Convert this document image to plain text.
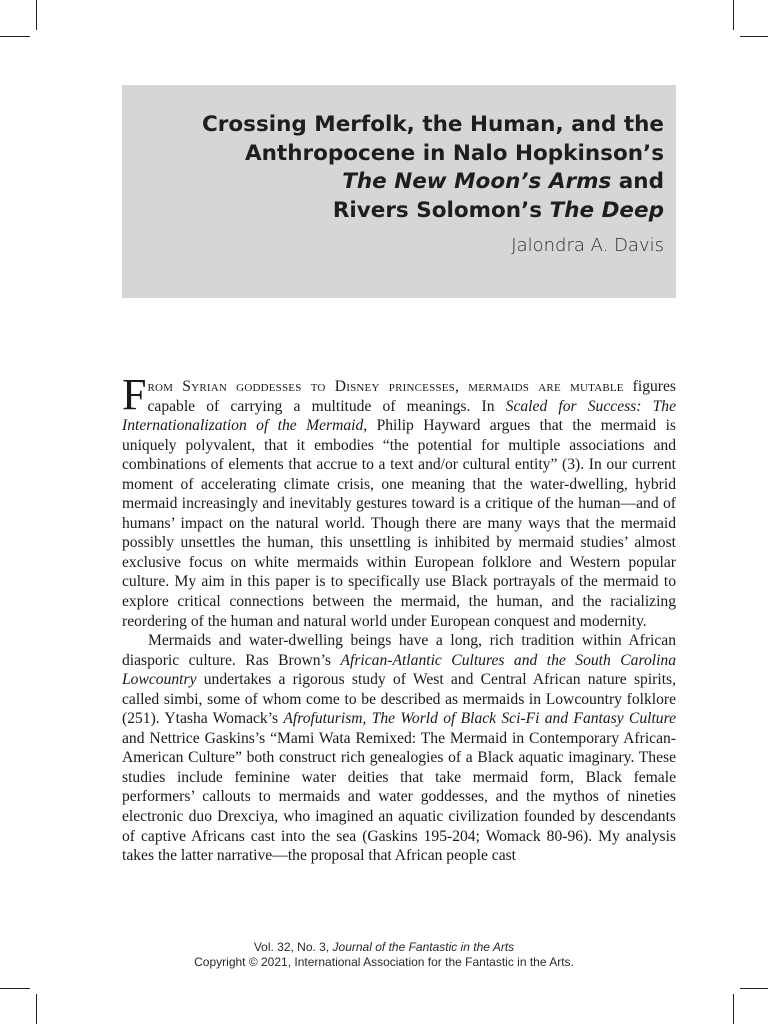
Crossing Merfolk, the Human, and the
Anthropocene in Nalo Hopkinson’s
The New Moon’s Arms and
Rivers Solomon’s The Deep
Jalondra A. Davis

From Syrian goddesses to Disney princesses, mermaids are mutable figures capable of carrying a multitude of meanings. In Scaled for Success: The Internationalization of the Mermaid, Philip Hayward argues that the mermaid is uniquely polyvalent, that it embodies “the potential for multiple associations and combinations of elements that accrue to a text and/or cultural entity” (3). In our current moment of accelerating climate crisis, one meaning that the water-dwelling, hybrid mermaid increasingly and inevitably gestures toward is a critique of the human—and of humans’ impact on the natural world. Though there are many ways that the mermaid possibly unsettles the human, this unsettling is inhibited by mermaid studies’ almost exclusive focus on white mermaids within European folklore and Western popular culture. My aim in this paper is to specifically use Black portrayals of the mermaid to explore critical connections between the mermaid, the human, and the racializing reordering of the human and natural world under European conquest and modernity.

Mermaids and water-dwelling beings have a long, rich tradition within African diasporic culture. Ras Brown’s African-Atlantic Cultures and the South Carolina Lowcountry undertakes a rigorous study of West and Central African nature spirits, called simbi, some of whom come to be described as mermaids in Lowcountry folklore (251). Ytasha Womack’s Afrofuturism, The World of Black Sci-Fi and Fantasy Culture and Nettrice Gaskins’s “Mami Wata Remixed: The Mermaid in Contemporary African-American Culture” both construct rich genealogies of a Black aquatic imaginary. These studies include feminine water deities that take mermaid form, Black female performers’ callouts to mermaids and water goddesses, and the mythos of nineties electronic duo Drexciya, who imagined an aquatic civilization founded by descendants of captive Africans cast into the sea (Gaskins 195-204; Womack 80-96). My analysis takes the latter narrative—the proposal that African people cast

Vol. 32, No. 3, Journal of the Fantastic in the Arts
Copyright © 2021, International Association for the Fantastic in the Arts.
